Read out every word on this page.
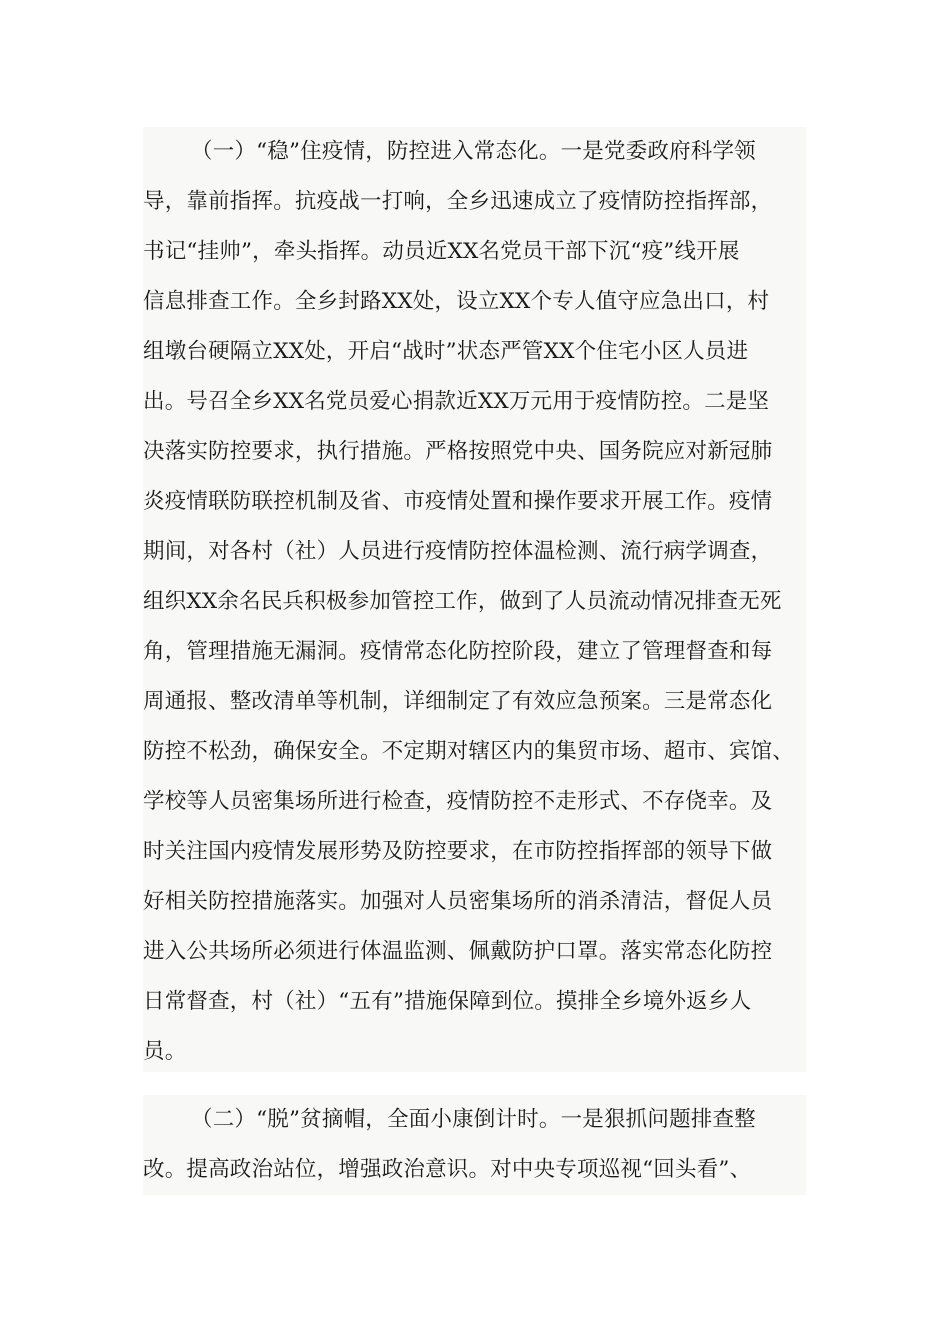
（一）“稳”住疫情，防控进入常态化。一是党委政府科学领
导，靠前指挥。抗疫战一打响，全乡迅速成立了疫情防控指挥部，
书记“挂帅”，牵头指挥。动员近XX名党员干部下沉“疫”线开展
信息排查工作。全乡封路XX处，设立XX个专人值守应急出口，村
组墩台硬隔立XX处，开启“战时”状态严管XX个住宅小区人员进
出。号召全乡XX名党员爱心捐款近XX万元用于疫情防控。二是坚
决落实防控要求，执行措施。严格按照党中央、国务院应对新冠肺
炎疫情联防联控机制及省、市疫情处置和操作要求开展工作。疫情
期间，对各村（社）人员进行疫情防控体温检测、流行病学调查，
组织XX余名民兵积极参加管控工作，做到了人员流动情况排查无死
角，管理措施无漏洞。疫情常态化防控阶段，建立了管理督查和每
周通报、整改清单等机制，详细制定了有效应急预案。三是常态化
防控不松劲，确保安全。不定期对辖区内的集贸市场、超市、宾馆、
学校等人员密集场所进行检查，疫情防控不走形式、不存侥幸。及
时关注国内疫情发展形势及防控要求，在市防控指挥部的领导下做
好相关防控措施落实。加强对人员密集场所的消杀清洁，督促人员
进入公共场所必须进行体温监测、佩戴防护口罩。落实常态化防控
日常督查，村（社）“五有”措施保障到位。摸排全乡境外返乡人
员。
（二）“脱”贫摘帽，全面小康倒计时。一是狠抓问题排查整
改。提高政治站位，增强政治意识。对中央专项巡视“回头看”、
